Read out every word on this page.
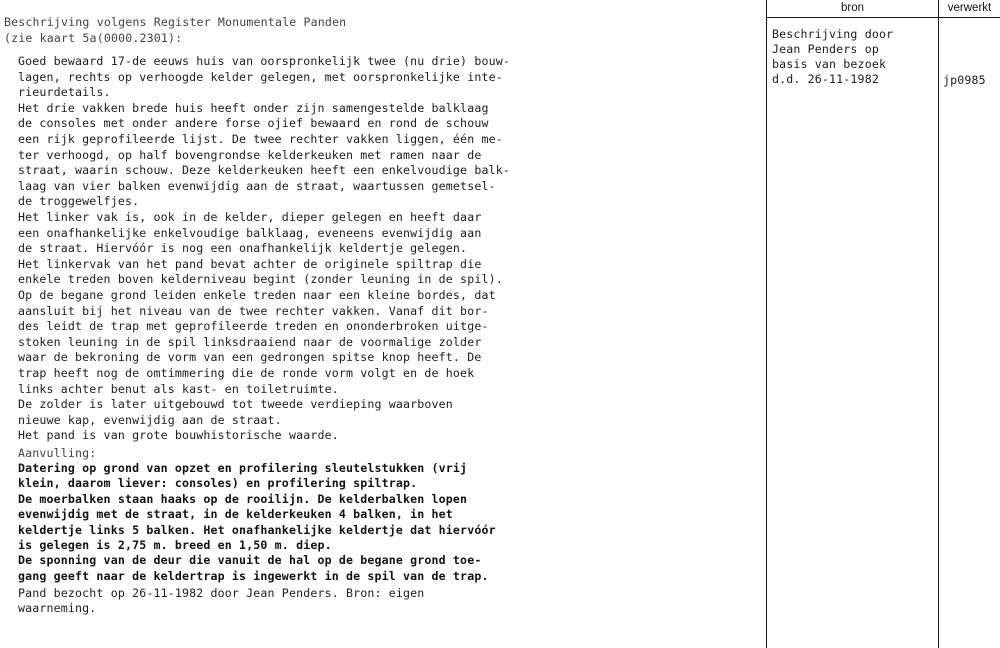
bron	verwerkt
Beschrijving door
Jean Penders op
basis van bezoek
d.d. 26-11-1982	jp0985
Beschrijving volgens Register Monumentale Panden
(zie kaart 5a(0000.2301):
Goed bewaard 17-de eeuws huis van oorspronkelijk twee (nu drie) bouw-
lagen, rechts op verhoogde kelder gelegen, met oorspronkelijke inte-
rieurdetails.
Het drie vakken brede huis heeft onder zijn samengestelde balklaag
de consoles met onder andere forse ojief bewaard en rond de schouw
een rijk geprofileerde lijst. De twee rechter vakken liggen, één me-
ter verhoogd, op half bovengrondse kelderkeuken met ramen naar de
straat, waarin schouw. Deze kelderkeuken heeft een enkelvoudige balk-
laag van vier balken evenwijdig aan de straat, waartussen gemetsel-
de troggewelfjes.
Het linker vak is, ook in de kelder, dieper gelegen en heeft daar
een onafhankelijke enkelvoudige balklaag, eveneens evenwijdig aan
de straat. Hiervóór is nog een onafhankelijk keldertje gelegen.
Het linkervak van het pand bevat achter de originele spiltrap die
enkele treden boven kelderniveau begint (zonder leuning in de spil).
Op de begane grond leiden enkele treden naar een kleine bordes, dat
aansluit bij het niveau van de twee rechter vakken. Vanaf dit bor-
des leidt de trap met geprofileerde treden en ononderbroken uitge-
stoken leuning in de spil linksdraaiend naar de voormalige zolder
waar de bekroning de vorm van een gedrongen spitse knop heeft. De
trap heeft nog de omtimmering die de ronde vorm volgt en de hoek
links achter benut als kast- en toiletruimte.
De zolder is later uitgebouwd tot tweede verdieping waarboven
nieuwe kap, evenwijdig aan de straat.
Het pand is van grote bouwhistorische waarde.
Aanvulling:
Datering op grond van opzet en profilering sleutelstukken (vrij
klein, daarom liever: consoles) en profilering spiltrap.
De moerbalken staan haaks op de rooilijn. De kelderbalken lopen
evenwijdig met de straat, in de kelderkeuken 4 balken, in het
keldertje links 5 balken. Het onafhankelijke keldertje dat hiervóór
is gelegen is 2,75 m. breed en 1,50 m. diep.
De sponning van de deur die vanuit de hal op de begane grond toe-
gang geeft naar de keldertrap is ingewerkt in de spil van de trap.
Pand bezocht op 26-11-1982 door Jean Penders. Bron: eigen
waarneming.
